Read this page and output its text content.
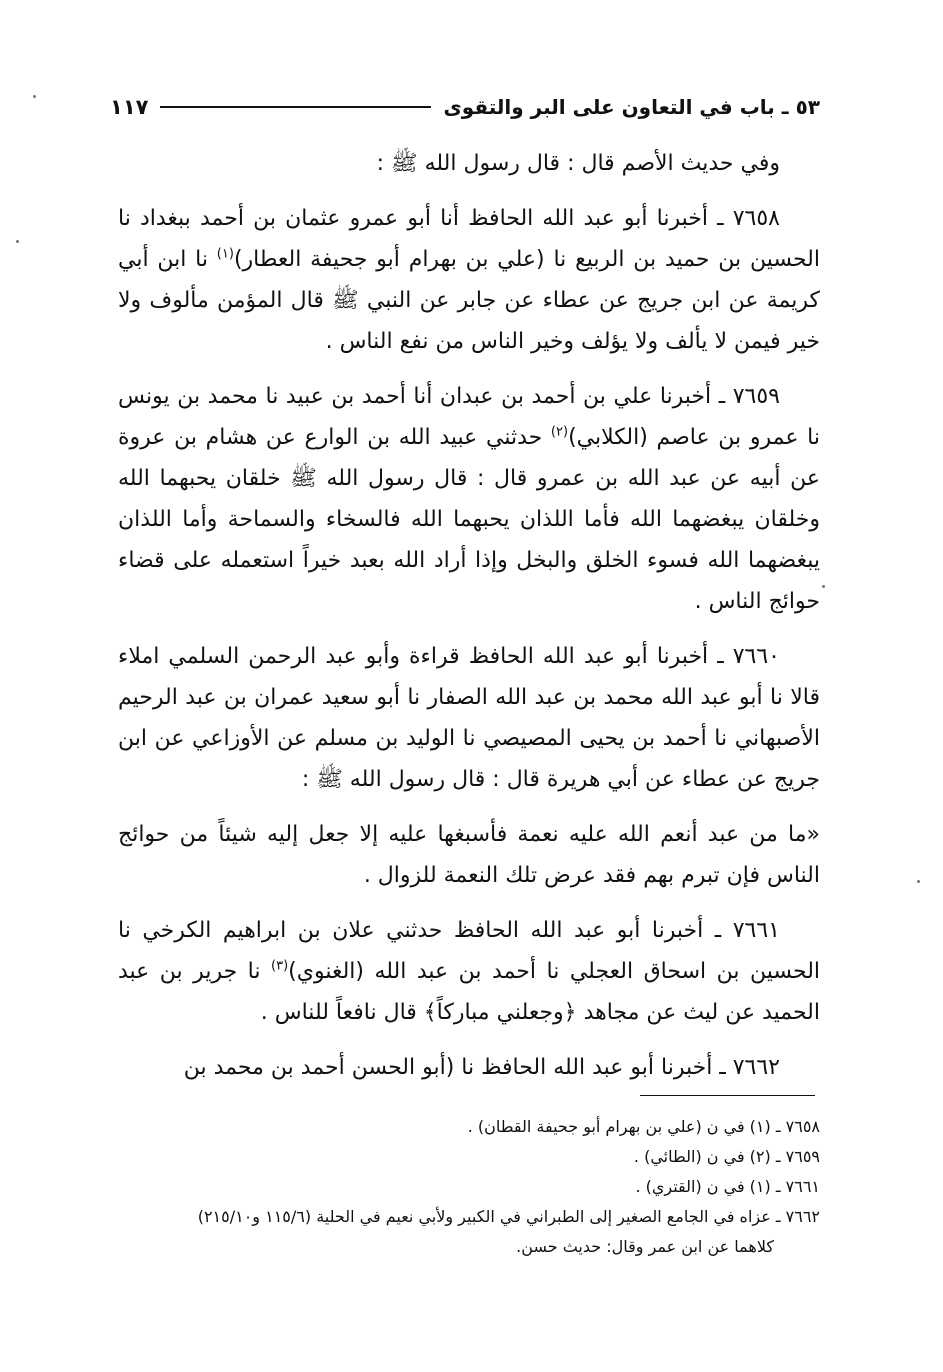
٥٣ ـ باب في التعاون على البر والتقوى
١١٧

وفي حديث الأصم قال : قال رسول الله ﷺ :

٧٦٥٨ ـ أخبرنا أبو عبد الله الحافظ أنا أبو عمرو عثمان بن أحمد ببغداد نا الحسين بن حميد بن الربيع نا (علي بن بهرام أبو جحيفة العطار)$^{(١)}$ نا ابن أبي كريمة عن ابن جريج عن عطاء عن جابر عن النبي ﷺ قال المؤمن مألوف ولا خير فيمن لا يألف ولا يؤلف وخير الناس من نفع الناس .

٧٦٥٩ ـ أخبرنا علي بن أحمد بن عبدان أنا أحمد بن عبيد نا محمد بن يونس نا عمرو بن عاصم (الكلابي)$^{(٢)}$ حدثني عبيد الله بن الوارع عن هشام بن عروة عن أبيه عن عبد الله بن عمرو قال : قال رسول الله ﷺ خلقان يحبهما الله وخلقان يبغضهما الله فأما اللذان يحبهما الله فالسخاء والسماحة وأما اللذان يبغضهما الله فسوء الخلق والبخل وإذا أراد الله بعبد خيراً استعمله على قضاء حوائج الناس .

٧٦٦٠ ـ أخبرنا أبو عبد الله الحافظ قراءة وأبو عبد الرحمن السلمي املاء قالا نا أبو عبد الله محمد بن عبد الله الصفار نا أبو سعيد عمران بن عبد الرحيم الأصبهاني نا أحمد بن يحيى المصيصي نا الوليد بن مسلم عن الأوزاعي عن ابن جريج عن عطاء عن أبي هريرة قال : قال رسول الله ﷺ :

«ما من عبد أنعم الله عليه نعمة فأسبغها عليه إلا جعل إليه شيئاً من حوائج الناس فإن تبرم بهم فقد عرض تلك النعمة للزوال .

٧٦٦١ ـ أخبرنا أبو عبد الله الحافظ حدثني علان بن ابراهيم الكرخي نا الحسين بن اسحاق العجلي نا أحمد بن عبد الله (الغنوي)$^{(٣)}$ نا جرير بن عبد الحميد عن ليث عن مجاهد ﴿وجعلني مباركاً﴾ قال نافعاً للناس .

٧٦٦٢ ـ أخبرنا أبو عبد الله الحافظ نا (أبو الحسن أحمد بن محمد بن

٧٦٥٨ ـ (١) في ن (علي بن بهرام أبو جحيفة القطان) .

٧٦٥٩ ـ (٢) في ن (الطائي) .

٧٦٦١ ـ (١) في ن (القتري) .

٧٦٦٢ ـ عزاه في الجامع الصغير إلى الطبراني في الكبير ولأبي نعيم في الحلية (١١٥/٦ و٢١٥/١٠)

كلاهما عن ابن عمر وقال: حديث حسن.
